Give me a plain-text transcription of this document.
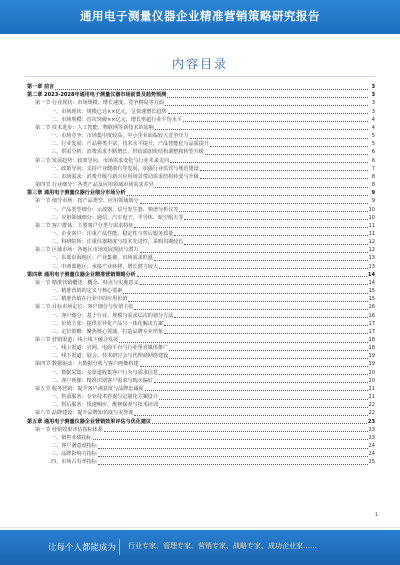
通用电子测量仪器企业精准营销策略研究报告
内容目录
第一章 前言	3
第二章 2023-2028年通用电子测量仪器市场前景及趋势预测	3
第一节 行业现状：市场规模、增长速度、竞争格局等方面	3
一、市场现状：规模已达××亿元，呈快速增长趋势	3
二、市场规模：首次突破××亿元，增长率超行业平均水平	4
第二节 技术进步：人工智能、物联网等新技术的影响	4
一、市场竞争：市场集中度较高，中小企业面临较大竞争压力	5
二、行业发展：产品种类丰富，技术水平提升，产品智能化与品质提升	5
三、供需分析：消费需求不断增长，供给端加快结构调整和转型升级	6
第三节 发展趋势：政策导向、市场需求变化与行业未来走向	6
一、政策导向：支持产业健康有序发展，加强行业监管与规范建设	7
二、市场需求：消费升级与新兴应用场景带动需求结构转变与升级	8
第四节 行业细分：各类产品及应用领域市场需求差异	8
第三章 通用电子测量仪器行业细分市场分析	9
第一节 细分市场：按产品类型、应用领域划分	9
一、产品类型细分：示波器、信号发生器、频谱分析仪等	10
二、应用领域细分：通信、汽车电子、半导体、航空航天等	10
第二节 客户群体：主要客户分类与需求特征	11
一、企业客户：注重产品性能、稳定性与售后服务质量	11
二、科研院所：注重仪器精度与技术先进性，采购周期较长	12
第三节 区域市场：各地区市场发展现状与潜力	12
一、东部沿海地区：产业集聚，市场需求旺盛	13
二、中西部地区：承接产业转移，增长潜力较大	13
第四章 通用电子测量仪器企业精准营销策略分析	14
第一节 精准营销概述：概念、特点与实施意义	14
一、精准营销的定义与核心要素	15
二、精准营销在行业中的应用价值	15
第二节 目标市场定位：客户细分与价值主张	16
一、客户细分：基于行业、规模与需求层次的划分方法	16
二、价值主张：提供差异化产品与一体化解决方案	17
三、定位策略：聚焦核心领域，打造品牌专业形象	17
第三节 营销渠道：线上线下融合发展	18
一、线上渠道：官网、电商平台与行业垂直媒体推广	18
二、线下渠道：展会、技术研讨会与代理商网络建设	19
第四节 数据驱动：大数据分析与客户画像构建	19
一、数据采集：多渠道收集客户行为与需求信息	20
二、客户画像：精准识别客户需求与购买偏好	20
第五节 服务营销：提升客户满意度与品牌忠诚度	21
一、售前服务：专业技术咨询与定制化方案设计	21
二、售后服务：快速响应、维修保养与技术培训	22
第六节 品牌建设：提升品牌知名度与美誉度	22
第五章 通用电子测量仪器企业营销效果评估与优化建议	23
第一节 营销效果评估指标体系	23
一、销售业绩指标	23
二、客户满意度指标	24
三、品牌影响力指标	24
四、市场占有率指标	25
1
让每个人都能成为 行业专家、管理专家、营销专家、战略专家、成功企业家……
